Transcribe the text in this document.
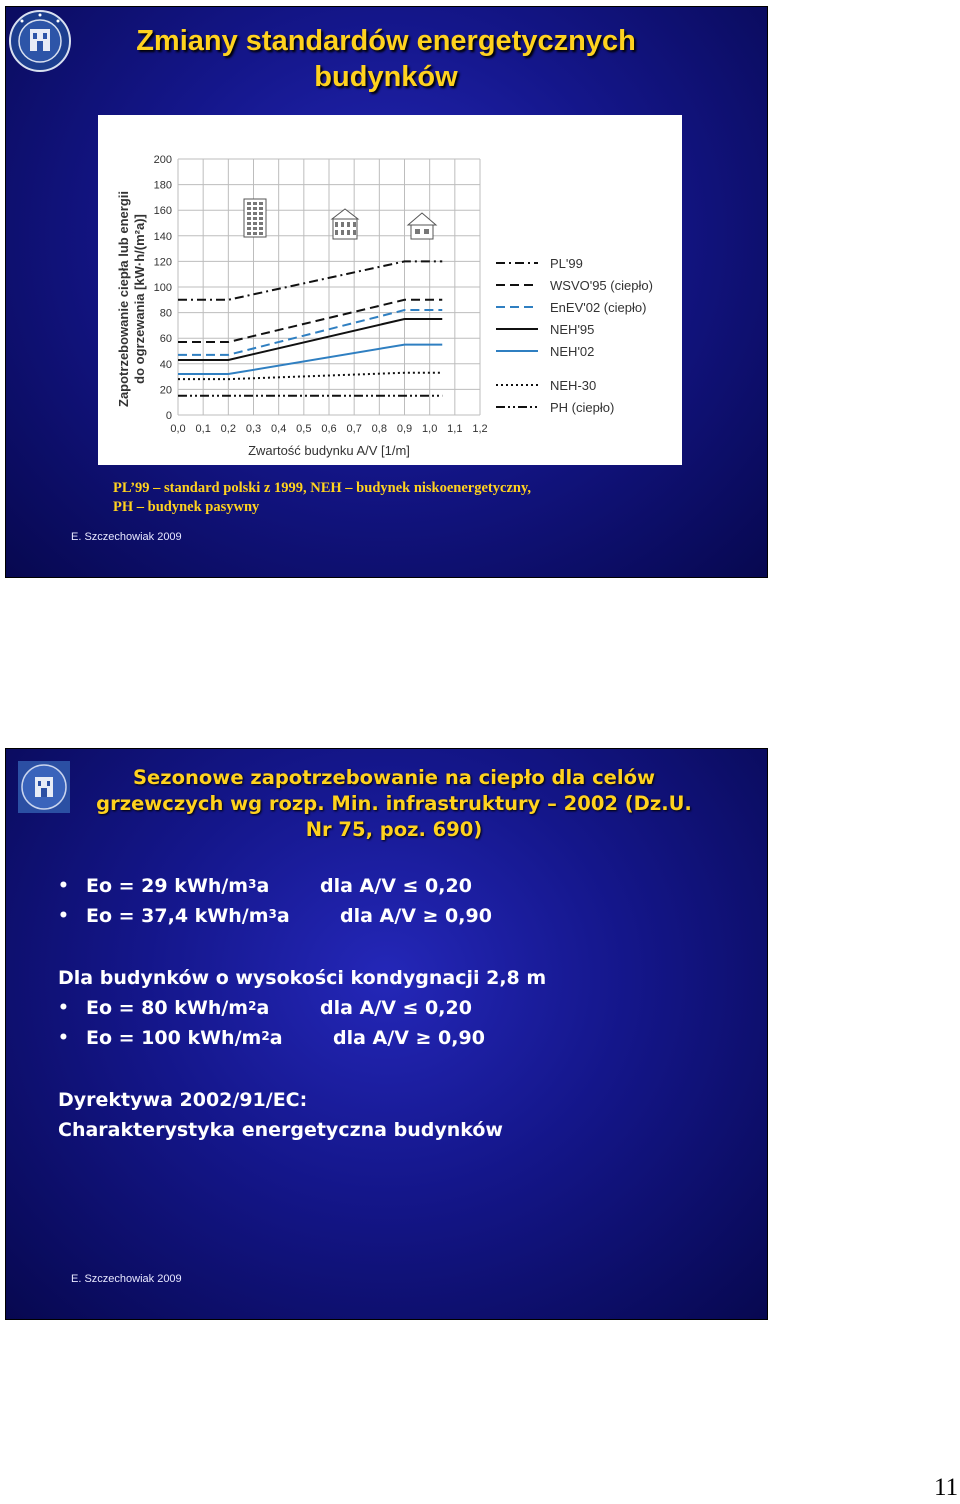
Zmiany standardów energetycznych budynków
0,0 0,1 0,2 0,3 0,4 0,5 0,6 0,7 0,8 0,9 1,0 1,1 1,2
0
20
40
60
80
100
120
140
160
180
200
Zwartość budynku A/V [1/m]
Zapotrzebowanie ciepła lub energii do ogrzewania [kW·h/(m²a)]	PL'99
WSVO'95 (ciepło)
EnEV'02 (ciepło)
NEH'95
NEH'02
NEH-30
PH (ciepło)
PL’99 – standard polski z 1999, NEH – budynek niskoenergetyczny,
PH – budynek pasywny
E. Szczechowiak 2009
Sezonowe zapotrzebowanie na ciepło dla celów
grzewczych wg rozp. Min. infrastruktury – 2002 (Dz.U.
Nr 75, poz. 690)
Eo = 29 kWh/$m^3a$	dla A/V ≤ 0,20
Eo = 37,4 kWh/$m^3a$	dla A/V ≥ 0,90
Dla budynków o wysokości kondygnacji 2,8 m
Eo = 80 kWh/$m^2a$	dla A/V ≤ 0,20
Eo = 100 kWh/$m^2a$	dla A/V ≥ 0,90
Dyrektywa 2002/91/EC:
Charakterystyka energetyczna budynków
E. Szczechowiak 2009
11
